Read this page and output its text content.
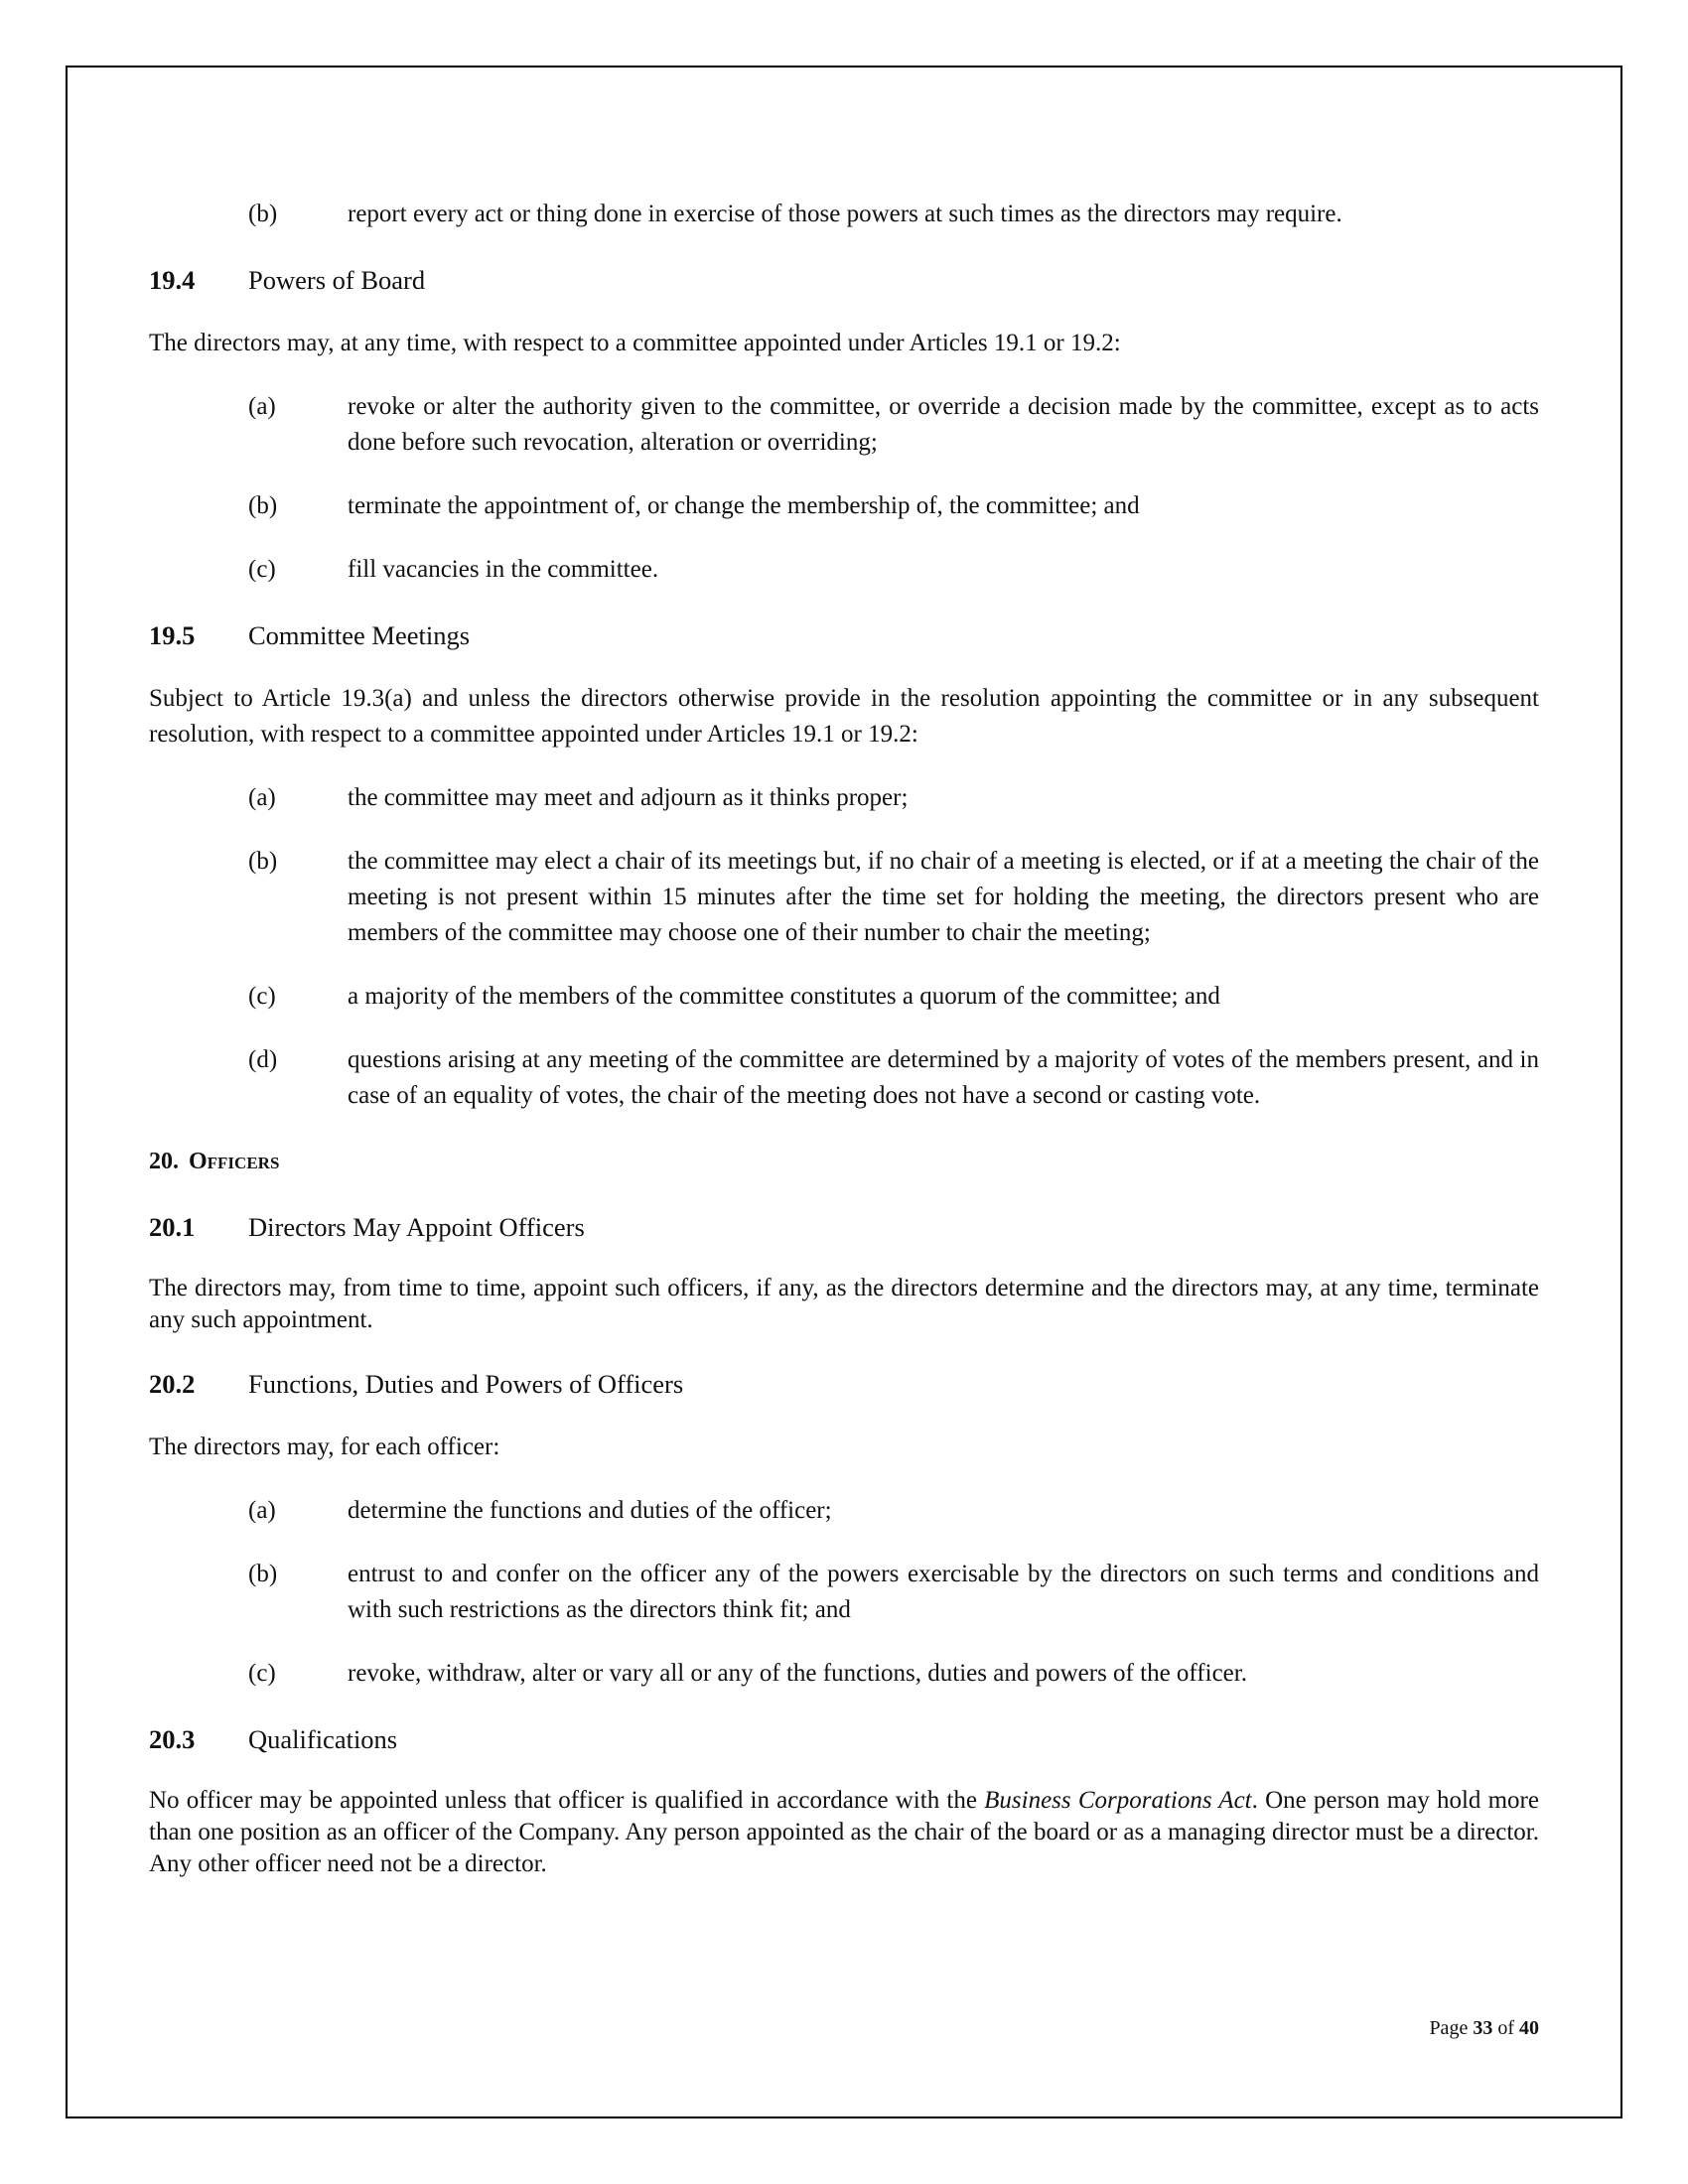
(b)	report every act or thing done in exercise of those powers at such times as the directors may require.
19.4	Powers of Board
The directors may, at any time, with respect to a committee appointed under Articles 19.1 or 19.2:
(a)	revoke or alter the authority given to the committee, or override a decision made by the committee, except as to acts done before such revocation, alteration or overriding;
(b)	terminate the appointment of, or change the membership of, the committee; and
(c)	fill vacancies in the committee.
19.5	Committee Meetings
Subject to Article 19.3(a) and unless the directors otherwise provide in the resolution appointing the committee or in any subsequent resolution, with respect to a committee appointed under Articles 19.1 or 19.2:
(a)	the committee may meet and adjourn as it thinks proper;
(b)	the committee may elect a chair of its meetings but, if no chair of a meeting is elected, or if at a meeting the chair of the meeting is not present within 15 minutes after the time set for holding the meeting, the directors present who are members of the committee may choose one of their number to chair the meeting;
(c)	a majority of the members of the committee constitutes a quorum of the committee; and
(d)	questions arising at any meeting of the committee are determined by a majority of votes of the members present, and in case of an equality of votes, the chair of the meeting does not have a second or casting vote.
20. Officers
20.1	Directors May Appoint Officers
The directors may, from time to time, appoint such officers, if any, as the directors determine and the directors may, at any time, terminate any such appointment.
20.2	Functions, Duties and Powers of Officers
The directors may, for each officer:
(a)	determine the functions and duties of the officer;
(b)	entrust to and confer on the officer any of the powers exercisable by the directors on such terms and conditions and with such restrictions as the directors think fit; and
(c)	revoke, withdraw, alter or vary all or any of the functions, duties and powers of the officer.
20.3	Qualifications
No officer may be appointed unless that officer is qualified in accordance with the Business Corporations Act. One person may hold more than one position as an officer of the Company. Any person appointed as the chair of the board or as a managing director must be a director. Any other officer need not be a director.
Page 33 of 40
